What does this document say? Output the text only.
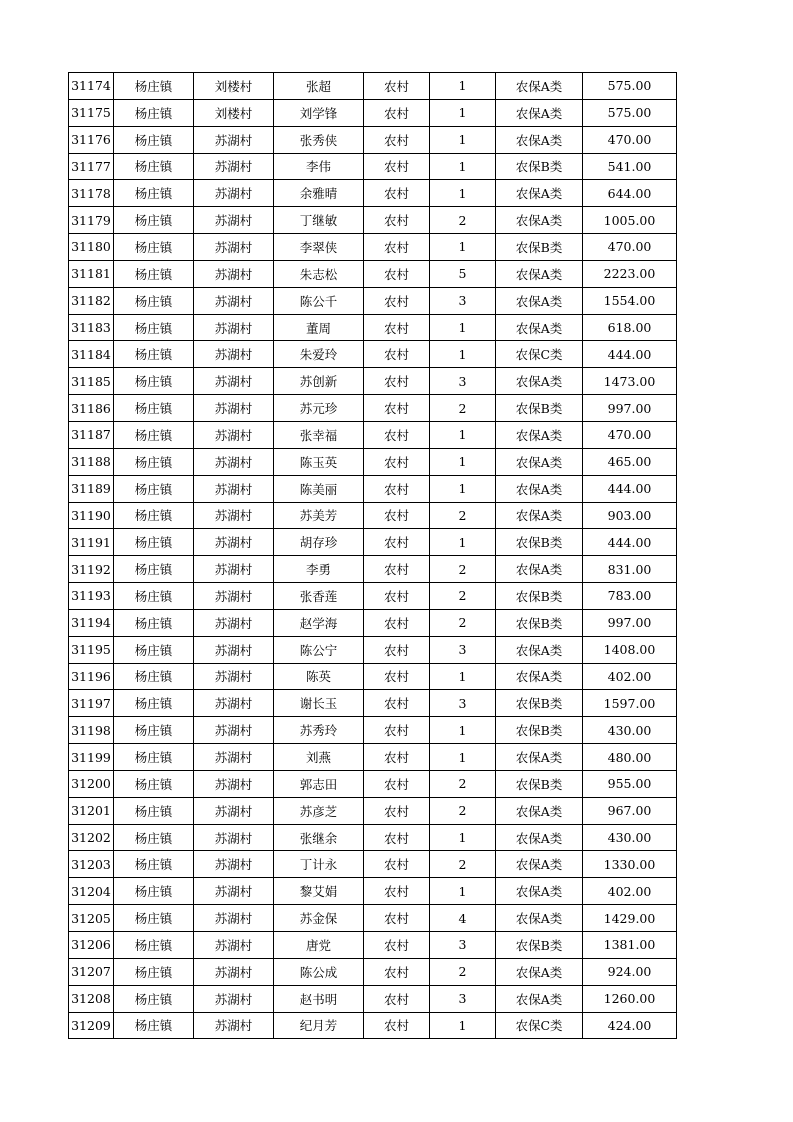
31174	杨庄镇	刘楼村	张超	农村	1	农保A类	575.00
31175	杨庄镇	刘楼村	刘学锋	农村	1	农保A类	575.00
31176	杨庄镇	苏湖村	张秀侠	农村	1	农保A类	470.00
31177	杨庄镇	苏湖村	李伟	农村	1	农保B类	541.00
31178	杨庄镇	苏湖村	余雅晴	农村	1	农保A类	644.00
31179	杨庄镇	苏湖村	丁继敏	农村	2	农保A类	1005.00
31180	杨庄镇	苏湖村	李翠侠	农村	1	农保B类	470.00
31181	杨庄镇	苏湖村	朱志松	农村	5	农保A类	2223.00
31182	杨庄镇	苏湖村	陈公千	农村	3	农保A类	1554.00
31183	杨庄镇	苏湖村	董周	农村	1	农保A类	618.00
31184	杨庄镇	苏湖村	朱爱玲	农村	1	农保C类	444.00
31185	杨庄镇	苏湖村	苏创新	农村	3	农保A类	1473.00
31186	杨庄镇	苏湖村	苏元珍	农村	2	农保B类	997.00
31187	杨庄镇	苏湖村	张幸福	农村	1	农保A类	470.00
31188	杨庄镇	苏湖村	陈玉英	农村	1	农保A类	465.00
31189	杨庄镇	苏湖村	陈美丽	农村	1	农保A类	444.00
31190	杨庄镇	苏湖村	苏美芳	农村	2	农保A类	903.00
31191	杨庄镇	苏湖村	胡存珍	农村	1	农保B类	444.00
31192	杨庄镇	苏湖村	李勇	农村	2	农保A类	831.00
31193	杨庄镇	苏湖村	张香莲	农村	2	农保B类	783.00
31194	杨庄镇	苏湖村	赵学海	农村	2	农保B类	997.00
31195	杨庄镇	苏湖村	陈公宁	农村	3	农保A类	1408.00
31196	杨庄镇	苏湖村	陈英	农村	1	农保A类	402.00
31197	杨庄镇	苏湖村	谢长玉	农村	3	农保B类	1597.00
31198	杨庄镇	苏湖村	苏秀玲	农村	1	农保B类	430.00
31199	杨庄镇	苏湖村	刘燕	农村	1	农保A类	480.00
31200	杨庄镇	苏湖村	郭志田	农村	2	农保B类	955.00
31201	杨庄镇	苏湖村	苏彦芝	农村	2	农保A类	967.00
31202	杨庄镇	苏湖村	张继余	农村	1	农保A类	430.00
31203	杨庄镇	苏湖村	丁计永	农村	2	农保A类	1330.00
31204	杨庄镇	苏湖村	黎艾娟	农村	1	农保A类	402.00
31205	杨庄镇	苏湖村	苏金保	农村	4	农保A类	1429.00
31206	杨庄镇	苏湖村	唐党	农村	3	农保B类	1381.00
31207	杨庄镇	苏湖村	陈公成	农村	2	农保A类	924.00
31208	杨庄镇	苏湖村	赵书明	农村	3	农保A类	1260.00
31209	杨庄镇	苏湖村	纪月芳	农村	1	农保C类	424.00
